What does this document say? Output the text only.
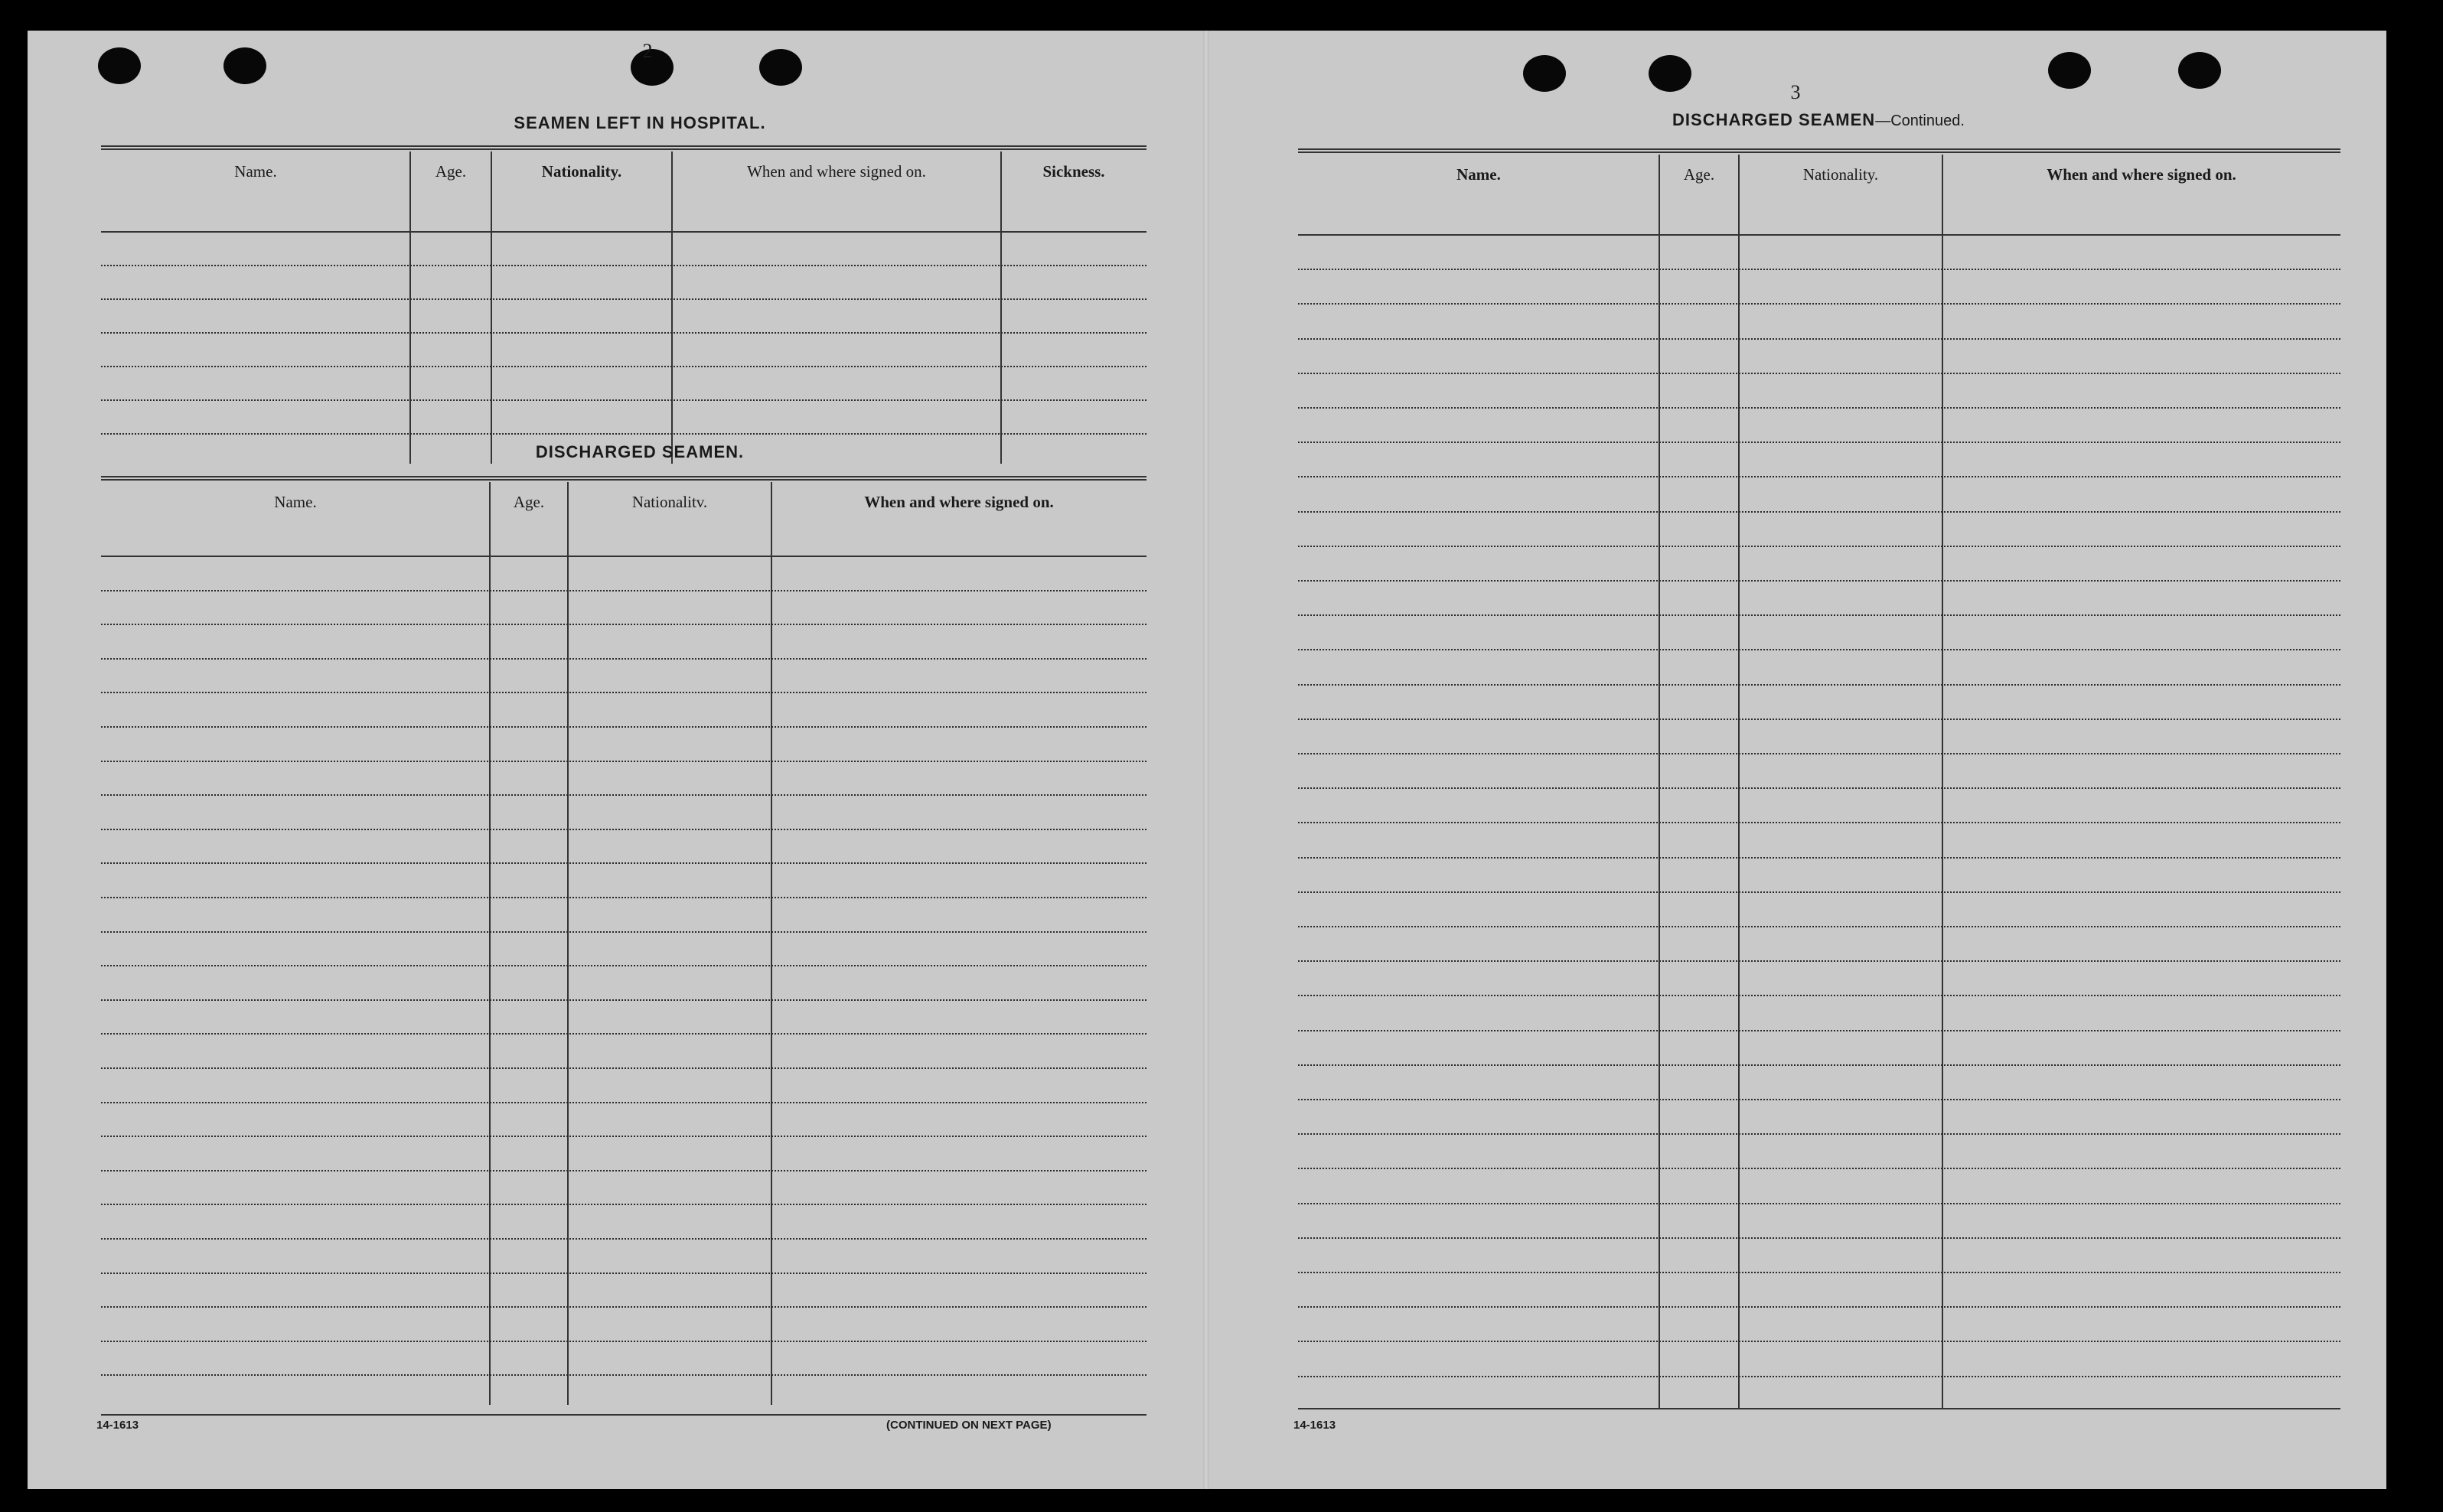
2
SEAMEN LEFT IN HOSPITAL.
Name.	Age.	Nationality.	When and where signed on.	Sickness.
DISCHARGED SEAMEN.
Name.	Age.	Nationalitv.	When and where signed on.
14-1613	(CONTINUED ON NEXT PAGE)
3
DISCHARGED SEAMEN—Continued.
Name.	Age.	Nationality.	When and where signed on.
14-1613
